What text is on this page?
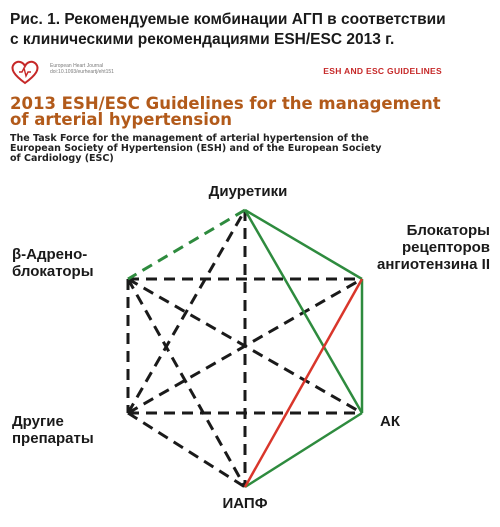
Рис. 1. Рекомендуемые комбинации АГП в соответствии
с клиническими рекомендациями ESH/ESC 2013 г.
European Heart Journal
doi:10.1093/eurheartj/eht151	ESH AND ESC GUIDELINES
2013 ESH/ESC Guidelines for the management
of arterial hypertension
The Task Force for the management of arterial hypertension of the
European Society of Hypertension (ESH) and of the European Society
of Cardiology (ESC)
Диуретики
Блокаторы
рецепторов
ангиотензина II
β-Адрено-
блокаторы
Другие
препараты
АК
ИАПФ
